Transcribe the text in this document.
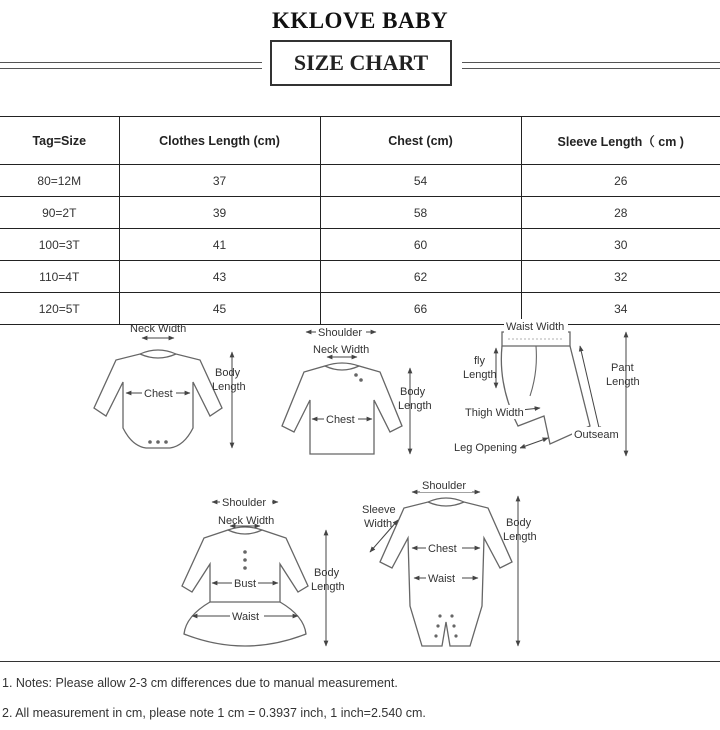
KKLOVE BABY
SIZE CHART
Tag=Size	Clothes Length (cm)	Chest (cm)	Sleeve Length（ cm )
80=12M	37	54	26
90=2T	39	58	28
100=3T	41	60	30
110=4T	43	62	32
120=5T	45	66	34
Neck Width
Chest
Body
Length
Shoulder
Neck Width
Chest
Body
Length
Waist Width
fly
Length
Thigh Width
Leg Opening
Pant
Length
Outseam
Shoulder
Neck Width
Bust
Waist
Body
Length
Shoulder
Sleeve
Width
Chest
Waist
Body
Length
1. Notes: Please allow 2-3 cm differences due to manual measurement.
2. All measurement in cm, please note 1 cm = 0.3937 inch, 1 inch=2.540 cm.
